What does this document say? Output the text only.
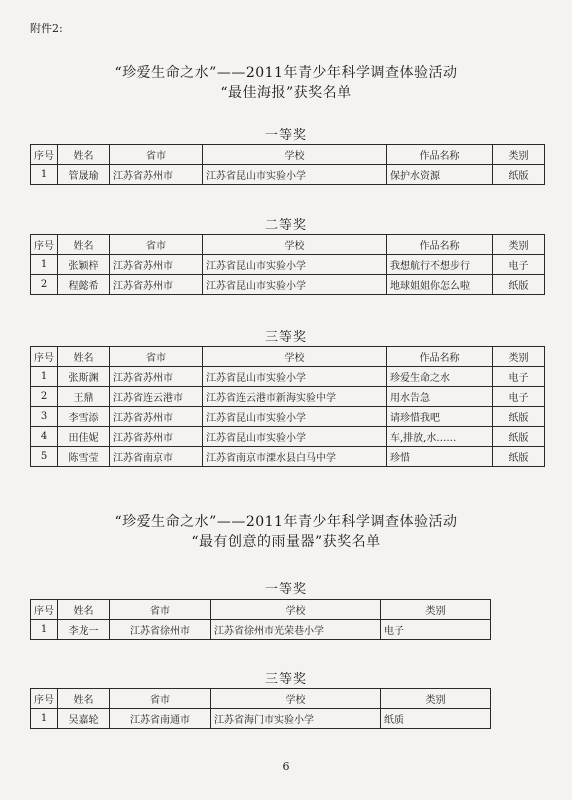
附件2:
“珍爱生命之水”——2011年青少年科学调查体验活动
“最佳海报”获奖名单
一等奖
序号	姓名	省市	学校	作品名称	类别
1	管晟瑜	江苏省苏州市	江苏省昆山市实验小学	保护水资源	纸版
二等奖
序号	姓名	省市	学校	作品名称	类别
1	张颖梓	江苏省苏州市	江苏省昆山市实验小学	我想航行不想步行	电子
2	程懿希	江苏省苏州市	江苏省昆山市实验小学	地球姐姐你怎么啦	纸版
三等奖
序号	姓名	省市	学校	作品名称	类别
1	张斯渊	江苏省苏州市	江苏省昆山市实验小学	珍爱生命之水	电子
2	王鼎	江苏省连云港市	江苏省连云港市新海实验中学	用水告急	电子
3	李雪添	江苏省苏州市	江苏省昆山市实验小学	请珍惜我吧	纸版
4	田佳妮	江苏省苏州市	江苏省昆山市实验小学	车,排放,水……	纸版
5	陈雪莹	江苏省南京市	江苏省南京市溧水县白马中学	珍惜	纸版
“珍爱生命之水”——2011年青少年科学调查体验活动
“最有创意的雨量器”获奖名单
一等奖
序号	姓名	省市	学校	类别
1	李龙一	江苏省徐州市	江苏省徐州市光荣巷小学	电子
三等奖
序号	姓名	省市	学校	类别
1	吴嘉轮	江苏省南通市	江苏省海门市实验小学	纸质
6
